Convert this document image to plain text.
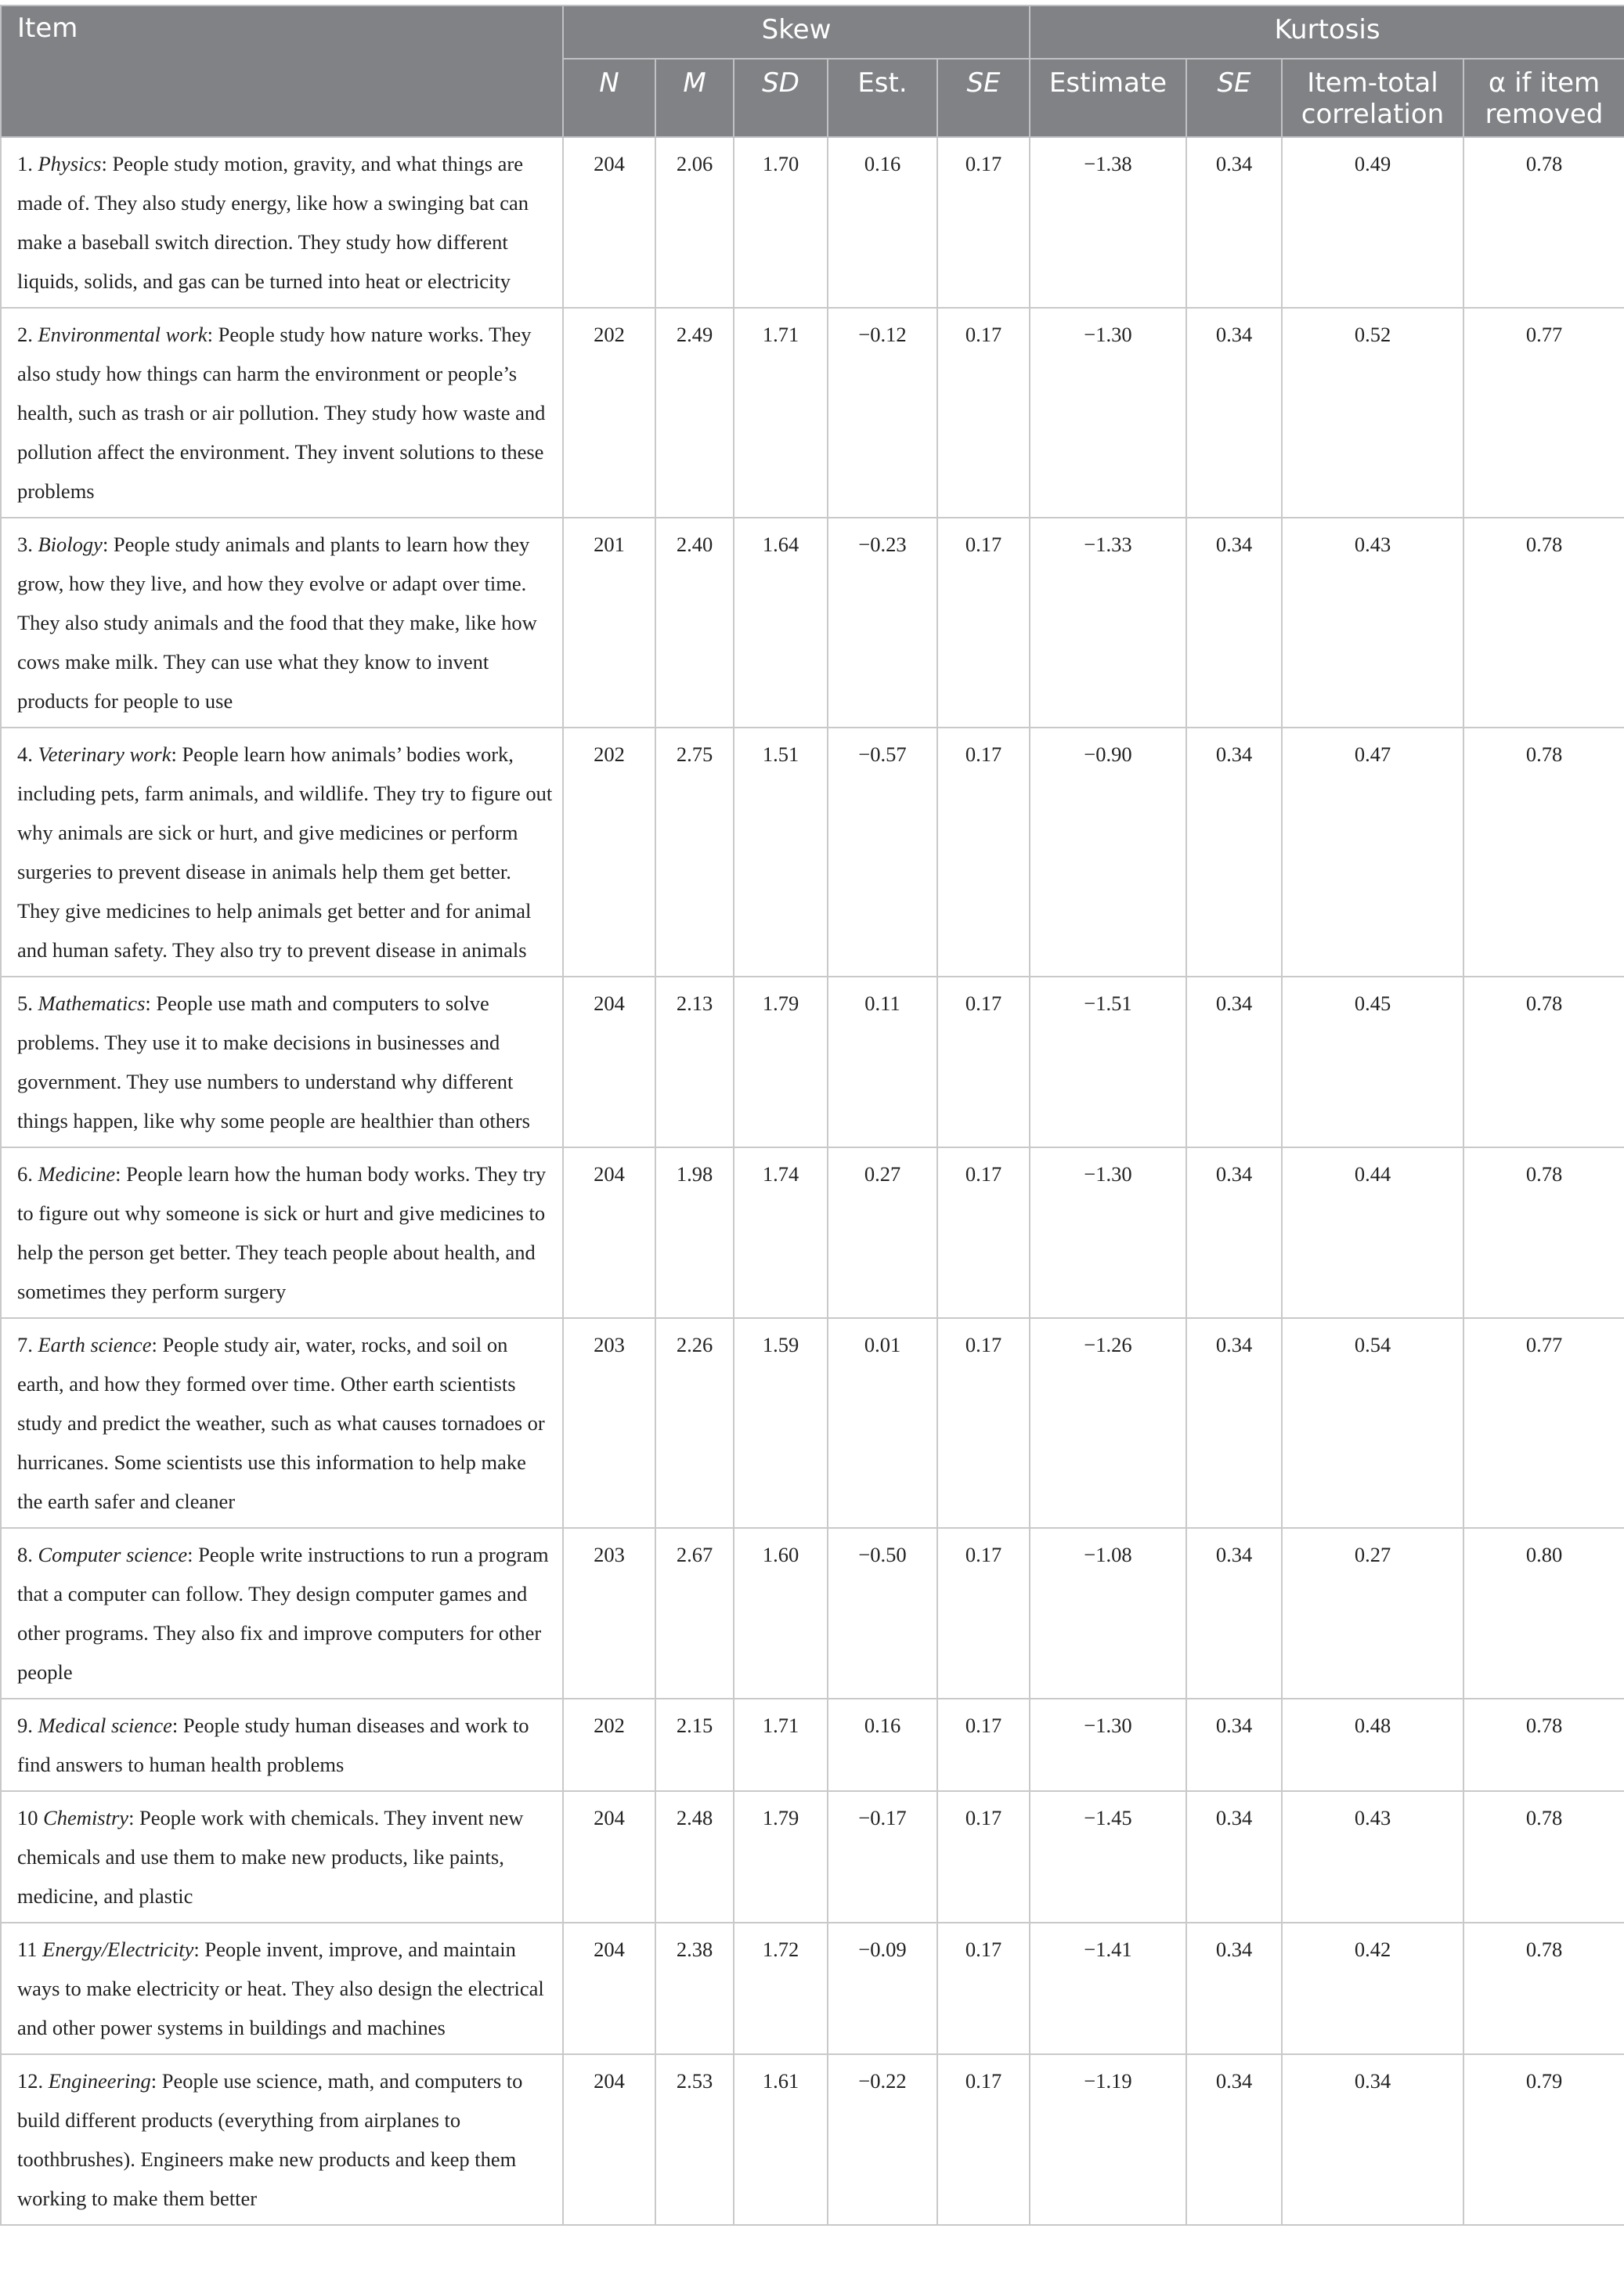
Item	Skew					Kurtosis			
	N	M	SD	Est.	SE	Estimate	SE	Item-total correlation	α if item removed
1. Physics: People study motion, gravity, and what things are made of. They also study energy, like how a swinging bat can make a baseball switch direction. They study how different liquids, solids, and gas can be turned into heat or electricity	204	2.06	1.70	0.16	0.17	−1.38	0.34	0.49	0.78
2. Environmental work: People study how nature works. They also study how things can harm the environment or people’s health, such as trash or air pollution. They study how waste and pollution affect the environment. They invent solutions to these problems	202	2.49	1.71	−0.12	0.17	−1.30	0.34	0.52	0.77
3. Biology: People study animals and plants to learn how they grow, how they live, and how they evolve or adapt over time. They also study animals and the food that they make, like how cows make milk. They can use what they know to invent products for people to use	201	2.40	1.64	−0.23	0.17	−1.33	0.34	0.43	0.78
4. Veterinary work: People learn how animals’ bodies work, including pets, farm animals, and wildlife. They try to figure out why animals are sick or hurt, and give medicines or perform surgeries to prevent disease in animals help them get better. They give medicines to help animals get better and for animal and human safety. They also try to prevent disease in animals	202	2.75	1.51	−0.57	0.17	−0.90	0.34	0.47	0.78
5. Mathematics: People use math and computers to solve problems. They use it to make decisions in businesses and government. They use numbers to understand why different things happen, like why some people are healthier than others	204	2.13	1.79	0.11	0.17	−1.51	0.34	0.45	0.78
6. Medicine: People learn how the human body works. They try to figure out why someone is sick or hurt and give medicines to help the person get better. They teach people about health, and sometimes they perform surgery	204	1.98	1.74	0.27	0.17	−1.30	0.34	0.44	0.78
7. Earth science: People study air, water, rocks, and soil on earth, and how they formed over time. Other earth scientists study and predict the weather, such as what causes tornadoes or hurricanes. Some scientists use this information to help make the earth safer and cleaner	203	2.26	1.59	0.01	0.17	−1.26	0.34	0.54	0.77
8. Computer science: People write instructions to run a program that a computer can follow. They design computer games and other programs. They also fix and improve computers for other people	203	2.67	1.60	−0.50	0.17	−1.08	0.34	0.27	0.80
9. Medical science: People study human diseases and work to find answers to human health problems	202	2.15	1.71	0.16	0.17	−1.30	0.34	0.48	0.78
10 Chemistry: People work with chemicals. They invent new chemicals and use them to make new products, like paints, medicine, and plastic	204	2.48	1.79	−0.17	0.17	−1.45	0.34	0.43	0.78
11 Energy/Electricity: People invent, improve, and maintain ways to make electricity or heat. They also design the electrical and other power systems in buildings and machines	204	2.38	1.72	−0.09	0.17	−1.41	0.34	0.42	0.78
12. Engineering: People use science, math, and computers to build different products (everything from airplanes to toothbrushes). Engineers make new products and keep them working to make them better	204	2.53	1.61	−0.22	0.17	−1.19	0.34	0.34	0.79
